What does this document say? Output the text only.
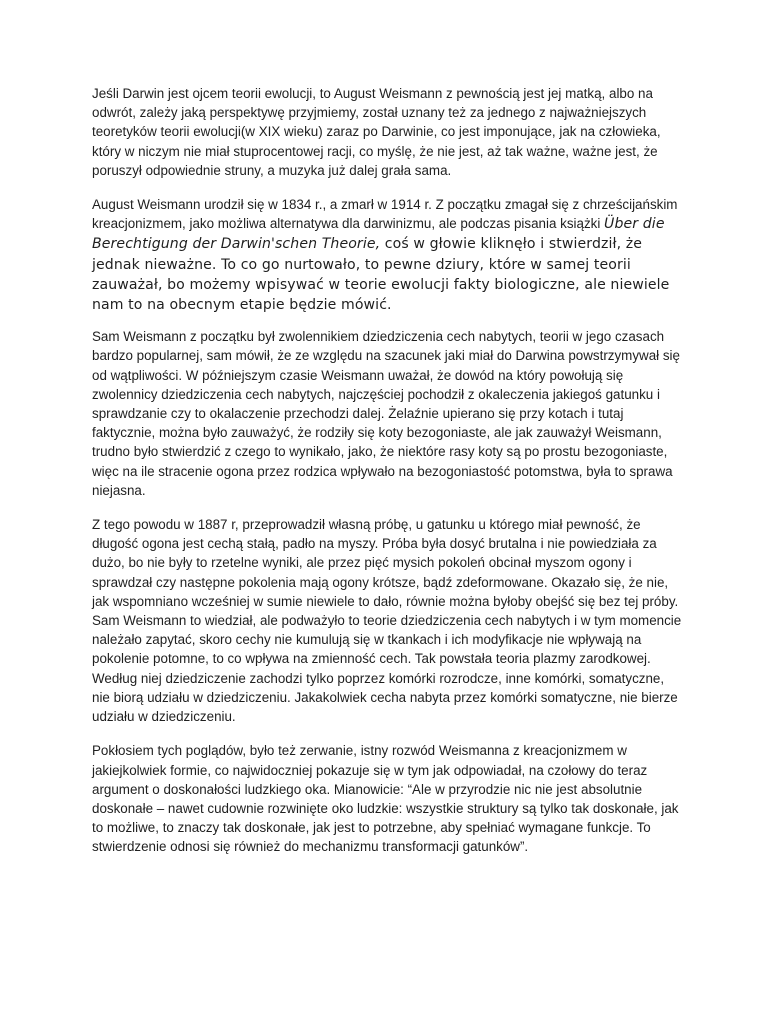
Jeśli Darwin jest ojcem teorii ewolucji, to August Weismann z pewnością jest jej matką, albo na odwrót, zależy jaką perspektywę przyjmiemy, został uznany też za jednego z najważniejszych teoretyków teorii ewolucji(w XIX wieku) zaraz po Darwinie, co jest imponujące, jak na człowieka, który w niczym nie miał stuprocentowej racji, co myślę, że nie jest, aż tak ważne, ważne jest, że poruszył odpowiednie struny, a muzyka już dalej grała sama.

August Weismann urodził się w 1834 r., a zmarł w 1914 r. Z początku zmagał się z chrześcijańskim kreacjonizmem, jako możliwa alternatywa dla darwinizmu, ale podczas pisania książki Über die Berechtigung der Darwin'schen Theorie, coś w głowie kliknęło i stwierdził, że jednak nieważne. To co go nurtowało, to pewne dziury, które w samej teorii zauważał, bo możemy wpisywać w teorie ewolucji fakty biologiczne, ale niewiele nam to na obecnym etapie będzie mówić.

Sam Weismann z początku był zwolennikiem dziedziczenia cech nabytych, teorii w jego czasach bardzo popularnej, sam mówił, że ze względu na szacunek jaki miał do Darwina powstrzymywał się od wątpliwości. W późniejszym czasie Weismann uważał, że dowód na który powołują się zwolennicy dziedziczenia cech nabytych, najczęściej pochodził z okaleczenia jakiegoś gatunku i sprawdzanie czy to okalaczenie przechodzi dalej. Żelaźnie upierano się przy kotach i tutaj faktycznie, można było zauważyć, że rodziły się koty bezogoniaste, ale jak zauważył Weismann, trudno było stwierdzić z czego to wynikało, jako, że niektóre rasy koty są po prostu bezogoniaste, więc na ile stracenie ogona przez rodzica wpływało na bezogoniastość potomstwa, była to sprawa niejasna.

Z tego powodu w 1887 r, przeprowadził własną próbę, u gatunku u którego miał pewność, że długość ogona jest cechą stałą, padło na myszy. Próba była dosyć brutalna i nie powiedziała za dużo, bo nie były to rzetelne wyniki, ale przez pięć mysich pokoleń obcinał myszom ogony i sprawdzał czy następne pokolenia mają ogony krótsze, bądź zdeformowane. Okazało się, że nie, jak wspomniano wcześniej w sumie niewiele to dało, równie można byłoby obejść się bez tej próby. Sam Weismann to wiedział, ale podważyło to teorie dziedziczenia cech nabytych i w tym momencie należało zapytać, skoro cechy nie kumulują się w tkankach i ich modyfikacje nie wpływają na pokolenie potomne, to co wpływa na zmienność cech. Tak powstała teoria plazmy zarodkowej. Według niej dziedziczenie zachodzi tylko poprzez komórki rozrodcze, inne komórki, somatyczne, nie biorą udziału w dziedziczeniu. Jakakolwiek cecha nabyta przez komórki somatyczne, nie bierze udziału w dziedziczeniu.

Pokłosiem tych poglądów, było też zerwanie, istny rozwód Weismanna z kreacjonizmem w jakiejkolwiek formie, co najwidoczniej pokazuje się w tym jak odpowiadał, na czołowy do teraz argument o doskonałości ludzkiego oka. Mianowicie: “Ale w przyrodzie nic nie jest absolutnie doskonałe – nawet cudownie rozwinięte oko ludzkie: wszystkie struktury są tylko tak doskonałe, jak to możliwe, to znaczy tak doskonałe, jak jest to potrzebne, aby spełniać wymagane funkcje. To stwierdzenie odnosi się również do mechanizmu transformacji gatunków”.
